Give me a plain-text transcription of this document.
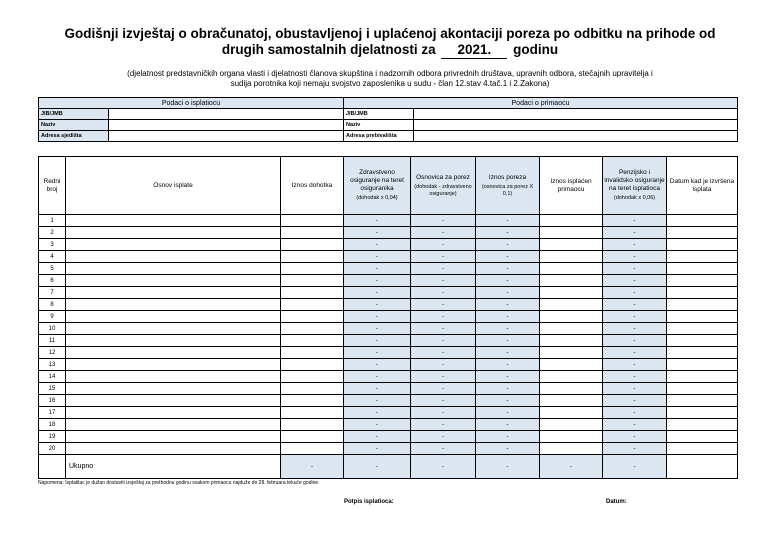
Godišnji izvještaj o obračunatoj, obustavljenoj i uplaćenoj akontaciji poreza po odbitku na prihode od
drugih samostalnih djelatnosti za 2021. godinu
(djelatnost predstavničkih organa vlasti i djelatnosti članova skupština i nadzornih odbora privrednih društava, upravnih odbora, stečajnih upravitelja i
sudija porotnika koji nemaju svojstvo zaposlenika u sudu - član 12.stav 4.tač.1 i 2.Zakona)
Podaci o isplatiocu		Podaci o primaocu	
JIB/JMB		JIB/JMB	
Naziv		Naziv	
Adresa sjedišta		Adresa prebivališta	
Redni broj	Osnov isplate	Iznos dohotka	Zdravstveno osiguranje na teret osiguranika
(dohodak x 0,04)	Osnovica za porez
(dohodak - zdravstveno osiguranje)	Iznos poreza
(osnovica za porez X 0,1)	Iznos isplaćen primaocu	Penzijsko i invalidsko osiguranje na teret isplatioca
(dohodak x 0,06)	Datum kad je izvršena isplata
1			-	-	-		-	
2			-	-	-		-	
3			-	-	-		-	
4			-	-	-		-	
5			-	-	-		-	
6			-	-	-		-	
7			-	-	-		-	
8			-	-	-		-	
9			-	-	-		-	
10			-	-	-		-	
11			-	-	-		-	
12			-	-	-		-	
13			-	-	-		-	
14			-	-	-		-	
15			-	-	-		-	
16			-	-	-		-	
17			-	-	-		-	
18			-	-	-		-	
19			-	-	-		-	
20			-	-	-		-	
	Ukupno	-	-	-	-	-	-	
Napomena: Isplatilac je dužan dostaviti izvještaj za prethodnu godinu svakom primaocu najduže do 28. februara tekuće godine
Potpis isplatioca:	Datum:
